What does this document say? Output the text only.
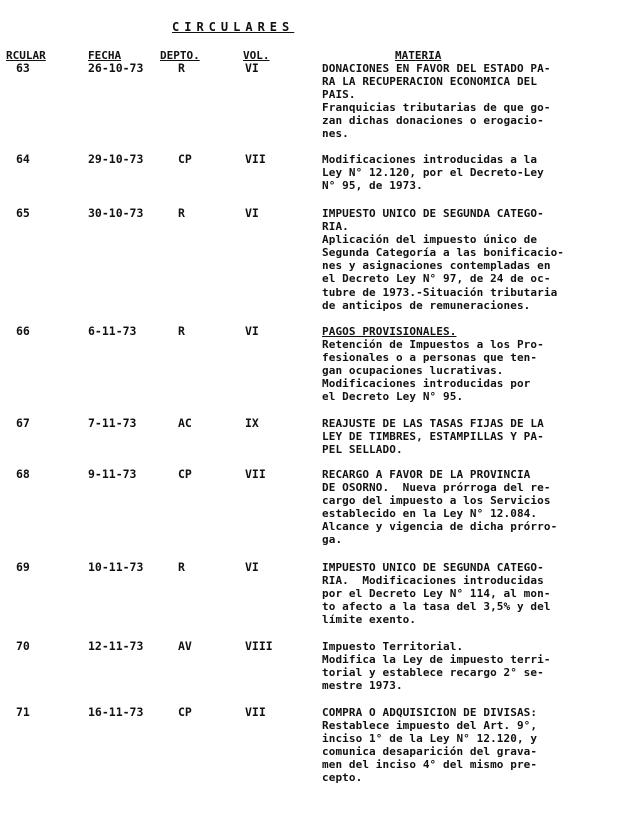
CIRCULARES
RCULAR	FECHA	DEPTO.	VOL.	MATERIA
63	26-10-73	R	VI	DONACIONES EN FAVOR DEL ESTADO PA-
RA LA RECUPERACION ECONOMICA DEL
PAIS.
Franquicias tributarias de que go-
zan dichas donaciones o erogacio-
nes.
64	29-10-73	CP	VII	Modificaciones introducidas a la
Ley N° 12.120, por el Decreto-Ley
N° 95, de 1973.
65	30-10-73	R	VI	IMPUESTO UNICO DE SEGUNDA CATEGO-
RIA.
Aplicación del impuesto único de
Segunda Categoría a las bonificacio-
nes y asignaciones contempladas en
el Decreto Ley N° 97, de 24 de oc-
tubre de 1973.-Situación tributaria
de anticipos de remuneraciones.
66	6-11-73	R	VI	PAGOS PROVISIONALES.
Retención de Impuestos a los Pro-
fesionales o a personas que ten-
gan ocupaciones lucrativas.
Modificaciones introducidas por
el Decreto Ley N° 95.
67	7-11-73	AC	IX	REAJUSTE DE LAS TASAS FIJAS DE LA
LEY DE TIMBRES, ESTAMPILLAS Y PA-
PEL SELLADO.
68	9-11-73	CP	VII	RECARGO A FAVOR DE LA PROVINCIA
DE OSORNO.  Nueva prórroga del re-
cargo del impuesto a los Servicios
establecido en la Ley N° 12.084.
Alcance y vigencia de dicha prórro-
ga.
69	10-11-73	R	VI	IMPUESTO UNICO DE SEGUNDA CATEGO-
RIA.  Modificaciones introducidas
por el Decreto Ley N° 114, al mon-
to afecto a la tasa del 3,5% y del
límite exento.
70	12-11-73	AV	VIII	Impuesto Territorial.
Modifica la Ley de impuesto terri-
torial y establece recargo 2° se-
mestre 1973.
71	16-11-73	CP	VII	COMPRA O ADQUISICION DE DIVISAS:
Restablece impuesto del Art. 9°,
inciso 1° de la Ley N° 12.120, y
comunica desaparición del grava-
men del inciso 4° del mismo pre-
cepto.
